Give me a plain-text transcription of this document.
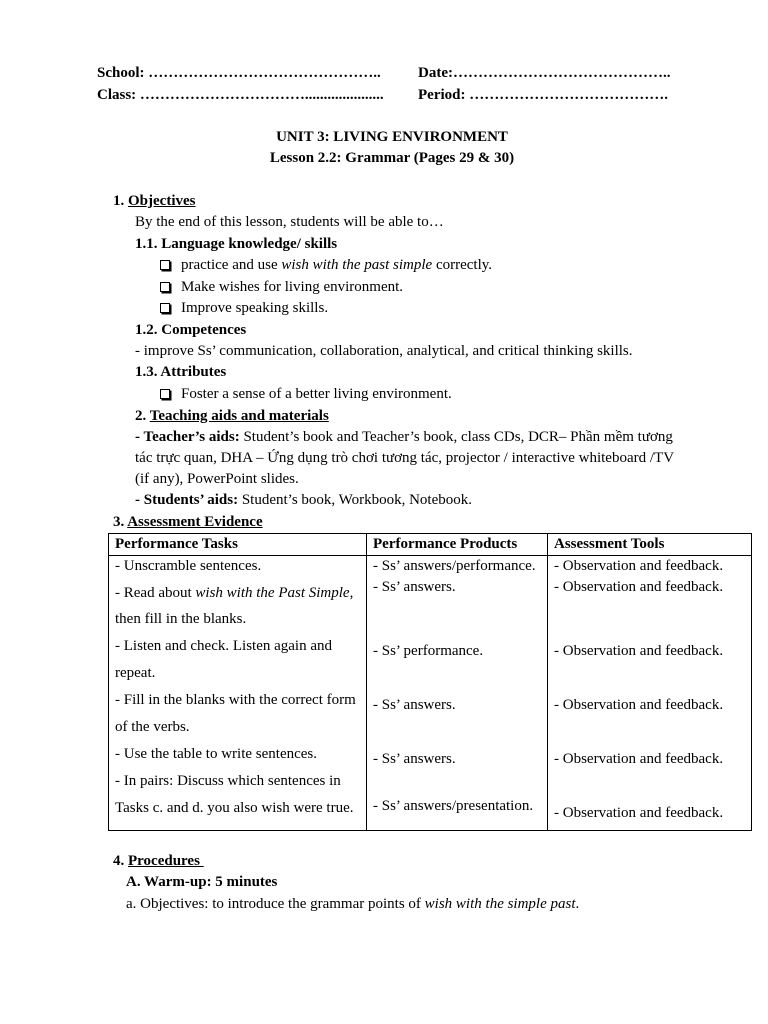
School: ……………………………………….. Date:……………………………………..
Class: ……………………………..................... Period: ………………………………….
UNIT 3: LIVING ENVIRONMENT
Lesson 2.2: Grammar (Pages 29 & 30)
1. Objectives
By the end of this lesson, students will be able to…
1.1. Language knowledge/ skills
practice and use wish with the past simple correctly.
Make wishes for living environment.
Improve speaking skills.
1.2. Competences
- improve Ss’ communication, collaboration, analytical, and critical thinking skills.
1.3. Attributes
Foster a sense of a better living environment.
2. Teaching aids and materials
- Teacher’s aids: Student’s book and Teacher’s book, class CDs, DCR– Phần mềm tương
tác trực quan, DHA – Ứng dụng trò chơi tương tác, projector / interactive whiteboard /TV
(if any), PowerPoint slides.
- Students’ aids: Student’s book, Workbook, Notebook.
3. Assessment Evidence
Performance Tasks	Performance Products Assessment Tools
- Unscramble sentences.
- Read about wish with the Past Simple,
then fill in the blanks.
- Listen and check. Listen again and
repeat.
- Fill in the blanks with the correct form
of the verbs.
- Use the table to write sentences.
- In pairs: Discuss which sentences in
Tasks c. and d. you also wish were true.
- Ss’ answers/performance.
- Ss’ answers.
- Ss’ performance.
- Ss’ answers.
- Ss’ answers.
- Ss’ answers/presentation.
- Observation and feedback.
- Observation and feedback.
- Observation and feedback.
- Observation and feedback.
- Observation and feedback.
- Observation and feedback.
4. Procedures
A. Warm-up: 5 minutes
a. Objectives: to introduce the grammar points of wish with the simple past.
